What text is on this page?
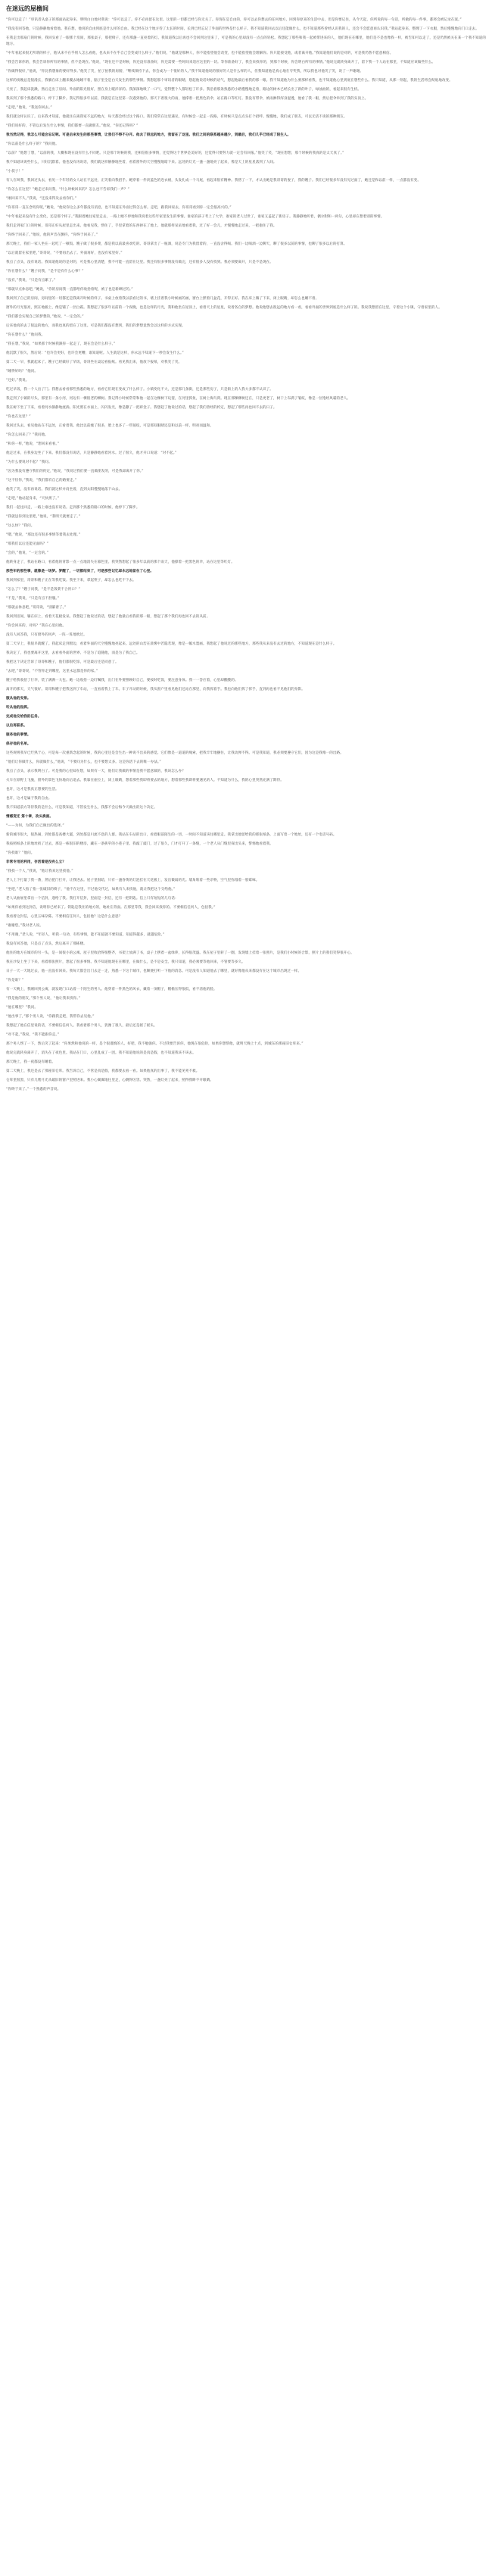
在迷远的屋檐间

“你可以走了！”审讯者从桌子的那面站起身来，明明白白地对我说：“你可以走了。你不必再留在这里。这里的一切都已经与你无关了。你现在是自由的，你可以去你想去的任何地方，回到你原来的生活中去，但是你要记住，从今天起，你所说的每一句话，所做的每一件事，都将会被记录在案。”

“我没有回答他，只是静静地看着他。我在想，他说的自由到底是什么样的自由。我已经在这个地方待了太长的时间，长到已经忘记了外面的世界是什么样子。我不知道我回去以后还能做什么，也不知道那些曾经认识我的人，还会不会愿意再认识我。”我站起身来，整理了一下衣服，然后慢慢地向门口走去。

在我走出那扇门的时候，我回头看了一眼那个房间，那张桌子，那把椅子，还有那盏一直亮着的灯。我知道我以后再也不会回到这里来了，可是我的心里却没有一点点的轻松。我想起了那些和我一起被带进来的人，他们现在在哪里，他们是不是也像我一样，被告知可以走了，还是仍然被关在某一个我不知道的地方。

“中年看起来很无所谓的样子，他从来不在乎别人怎么看他，也从来不在乎自己会变成什么样子。”他们说，“他就是那种人，你不能指望他会改变，也不能指望他会理解你。你只能接受他，或者离开他。”我知道他们说的是对的，可是我仍然不愿意相信。

“我会告诉你的，我会告诉你所有的事情，但不是现在。”他说，“现在还不是时候，你还没有准备好，你还需要一些时间来适应这里的一切。等你准备好了，我会来找你的，到那个时候，你会明白所有的事情。”他说完就转身离开了，留下我一个人站在那里，不知道应该做些什么。

“你做得很好，”他说，“你比我想象的要好得多。”他笑了笑，拍了拍我的肩膀，“继续保持下去，你会成为一个很好的人。”我不知道他说的很好的人是什么样的人，但我知道他是真心地在夸奖我，所以我也对他笑了笑，说了一声谢谢。

这样的夜晚总是很漫长，我躺在床上翻来覆去地睡不着，脑子里全是白天发生的那些事情。我想起那个审讯者的眼睛，想起他说话时候的语气，想起他最后看我的那一眼。我不知道他为什么要那样看我，也不知道他心里到底在想些什么。我只知道，从那一刻起，我的生活将会彻底地改变。

天亮了，我起床洗漱，然后走出了房间。外面的阳光很好，照在身上暖洋洋的。我深深地吸了一口气，觉得整个人都轻松了许多。我沿着那条熟悉的小路慢慢地走着，路边的树木已经长出了新的叶子，绿油油的，看起来很有生机。

我来到了那个熟悉的路口，停下了脚步。我记得很多年以前，我就是在这里第一次遇到他的。那天下着很大的雨，他撑着一把黑色的伞，站在路口等红灯。我没有带伞，被雨淋得浑身湿透，他看了我一眼，然后把伞举到了我的头顶上。

“走吧，”他说，“我送你回去。”

我们就这样认识了。后来我才知道，他就住在离我家不远的地方，每天都会经过这个路口。我们常常在这里遇见，有时候会一起走一段路，有时候只是点点头打个招呼。慢慢地，我们成了朋友，可以无话不谈的那种朋友。

“我们说好的，不管以后发生什么事情，我们都要一直做朋友。”他说，“你还记得吗？”

我当然记得，我怎么可能会忘记呢。可是后来发生的那些事情，让我们不得不分开。他去了很远的地方，我留在了这里。我们之间的联系越来越少，到最后，我们几乎已经成了陌生人。

“你以前是什么样子的？”我问他。

“以前？”他想了想，“以前的我，大概和现在没有什么不同吧。只是那个时候的我，还相信很多事情，还觉得这个世界是美好的，还觉得只要努力就一定会有回报。”他笑了笑，“现在想想，那个时候的我真的是太天真了。”

我不知道该说些什么，只好沉默着。他也没有再说话，我们就这样静静地坐着，看着窗外的天空慢慢地暗下来。远处的灯光一盏一盏地亮了起来，像是天上的星星落到了人间。

“小叔子！”

有人在叫我，我回过头去，看见一个年轻的女人站在不远处，正笑着向我招手。她穿着一件淡蓝色的连衣裙，头发扎成一个马尾，看起来很有精神。我愣了一下，才认出她是我哥哥的妻子，我的嫂子。我们已经很多年没有见过面了，她还是和以前一样，一点都没有变。

“你怎么在这里？”她走过来问我，“什么时候回来的？怎么也不告诉我们一声？”

“刚回来不久。”我说，“还没来得及去看你们。”

“你哥哥一直在念叨你呢，”她说，“他说你这么多年都没有消息，也不知道在外面过得怎么样。走吧，跟我回家去，你哥哥看到你一定会很高兴的。”

“中年看起来没有什么变化，还是那个样子。”我跟着她往家里走去，一路上她不停地和我说着这些年家里发生的事情。谁家的孩子考上了大学，谁家的老人过世了，谁家又盖起了新房子。我静静地听着，偶尔附和一两句，心里却在想着别的事情。

我们走到家门口的时候，哥哥正好从屋里走出来。他看见我，愣住了，手里拿着的东西掉在了地上。他就那样呆呆地看着我，过了好一会儿，才慢慢地走过来，一把抱住了我。

“你终于回来了。”他说，他的声音在颤抖，“你终于回来了。”

那天晚上，我们一家人坐在一起吃了一顿饭。嫂子做了很多菜，都是我以前最喜欢吃的。哥哥拿出了一瓶酒，说是专门为我留着的，一直没舍得喝。我们一边喝酒一边聊天，聊了很多以前的事情，也聊了很多以后的打算。

“以后就留在家里吧，”哥哥说，“不要再出去了。外面再好，也没有家里好。”

我点了点头，没有说话。我知道他说的是对的，可是我心里清楚，我不可能一直留在这里。我还有很多事情没有做完，还有很多人没有找到。我必须要离开，只是不是现在。

“你在想什么？”嫂子问我，“是不是有什么心事？”

“没有，”我说，“只是有点累了。”

“那就早点休息吧，”她说，“你的房间我一直都给你收拾着呢，被子也是新晒过的。”

我回到了自己的房间，房间里的一切都还是我离开时候的样子。书桌上放着我以前看过的书，墙上挂着我小时候画的画，窗台上摆着几盆花，开得正好。我在床上躺了下来，闭上眼睛，却怎么也睡不着。

窗外的月光很亮，照在地板上，像是铺了一层白霜。我想起了很多年以前的一个夜晚，也是这样的月光，我和他坐在屋顶上，看着天上的星星，说着各自的梦想。他说他想去很远的地方看一看，看看外面的世界到底是什么样子的。我说我想留在这里，守着这个小镇，守着家里的人。

“我们都会实现自己的梦想的，”他说，“一定会的。”

后来他真的去了很远的地方，而我也真的留在了这里。可是我们都没有想到，我们的梦想竟然会以这样的方式实现。

“你在想什么？”他问我。

“我在想，”我说，“如果那个时候我跟你一起走了，现在会是什么样子。”

他沉默了很久，然后说：“也许会更好，也许会更糟，谁知道呢。人生就是这样，你永远不知道下一秒会发生什么。”

第二天一早，我就起床了。嫂子已经做好了早饭，哥哥坐在桌边看报纸。看见我出来，他放下报纸，对我笑了笑。

“睡得好吗？”他问。

“还好。”我说。

吃过早饭，我一个人出了门。我想去看看那些熟悉的地方，看看它们现在变成了什么样子。小镇变化不大，还是那几条街，还是那些房子，只是街上的人我大多都不认识了。

我走到了小镇的尽头，那里有一条小河，河边有一棵很老的柳树。我记得小时候常常和他一起在这棵树下玩耍，在河里抓鱼，在树上掏鸟窝。现在那棵柳树还在，只是更老了，树干上布满了皱纹，像是一位饱经风霜的老人。

我在树下坐了下来，看着河水静静地流淌。阳光照在水面上，闪闪发光，像是撒了一把碎金子。我想起了他说过的话，想起了我们曾经的约定，想起了那些再也回不去的日子。

“你也在这里？”

我回过头去，看见他站在不远处，正看着我。他比以前瘦了很多，脸上也多了一些皱纹，可是那双眼睛还是和以前一样，明亮而温和。

“你怎么回来了？”我问他。

“和你一样，”他说，“想回来看看。”

他走过来，在我身边坐了下来。我们都没有说话，只是静静地看着河水。过了很久，他才开口说道：“对不起。”

“为什么要说对不起？”我问。

“因为我没有遵守我们的约定，”他说，“我说过我们要一直做朋友的，可是我却离开了你。”

“这不怪你，”我说，“我们都有自己的路要走。”

他笑了笑，没有再说话。我们就这样并肩坐着，直到太阳慢慢地落下山去。

“走吧，”他站起身来，“天快黑了。”

我们一起往回走，一路上谁也没有说话。走到那个熟悉的路口的时候，他停下了脚步。

“我就送你到这里吧，”他说，“我明天就要走了。”

“这么快？”我问。

“嗯，”他说，“那边还有很多事情等着我去处理。”

“那我们以后还能见面吗？”

“会的，”他说，“一定会的。”

他转身走了，我站在路口，看着他的背影一点一点地消失在暮色里。我突然想起了很多年以前的那个雨天，他撑着一把黑色的伞，站在这里等红灯。

那些年的那些事，就像是一场梦。梦醒了，一切都结束了，可是那些记忆却永远地留在了心里。

我回到家里，哥哥和嫂子正在等我吃饭。我坐下来，拿起筷子，却怎么也吃不下去。

“怎么了？”嫂子问我，“是不是饭菜不合胃口？”

“不是，”我说，“只是有点不舒服。”

“那就去休息吧，”哥哥说，“别累着了。”

我回到房间，躺在床上，看着天花板发呆。我想起了他说过的话，想起了他最后看我的那一眼，想起了那个我们再也回不去的从前。

“你会回来的，对吗？”我在心里问他。

没有人回答我，只有窗外的风声，一阵一阵地吹过。

第二天早上，我很早就醒了。我起床走到窗边，看着外面的天空慢慢地亮起来。远处的山峦在晨雾中若隐若现，像是一幅水墨画。我想起了他说过的那些地方，那些我从来没有去过的地方，不知道现在是什么样子。

我决定了，我也要离开这里，去看看外面的世界。不是为了追随他，而是为了我自己。

我把这个决定告诉了哥哥和嫂子，他们都很吃惊，可是最后还是同意了。

“去吧，”哥哥说，“不管你走到哪里，这里永远都是你的家。”

嫂子给我收拾了行李，装了满满一大包。她一边收拾一边叮嘱我，出门在外要照顾好自己，要按时吃饭，要注意身体。我一一答应着，心里却酸酸的。

离开的那天，天气很好。哥哥和嫂子把我送到了车站，一直看着我上了车。车子开动的时候，我从窗户里看见他们还站在那里，向我挥着手。我也向他们挥了挥手，直到再也看不见他们的身影。

服从他的安排。

听从他的指挥。

完成他交给我的任务。

以后再联系。

服务他的事情。

保存他的名单。

这些规则我早已烂熟于心，可是每一次重新念起的时候，我的心里还是会生出一种说不出来的感觉。它们像是一道道的绳索，把我牢牢地捆住，让我动弹不得。可是我知道，我必须要遵守它们，因为这是我唯一的出路。

“他们让你做什么，你就做什么，”他说，“不要问为什么，也不要想太多。这是你活下去的唯一办法。”

我点了点头，表示我明白了。可是我的心里却在想，如果有一天，他们让我做的事情是我不愿意做的，我该怎么办？

火车在原野上飞驰，窗外的景色飞快地向后退去。我靠在座位上，闭上眼睛，想着那些我即将要去的地方，想着那些我即将要遇见的人。不知道为什么，我的心里突然充满了期待。

也许，这才是我真正想要的生活。

也许，这才是属于我的自由。

我不知道前方等待我的是什么，可是我知道，不管发生什么，我都不会后悔今天做出的这个决定。

情感变迁 第十章，改头换面。

“——为何，为我们自己做出的选择。”

新的城市很大，很热闹，到处都是高楼大厦，到处都是川流不息的人群。我站在车站的出口，看着眼前陌生的一切，一时间不知道该往哪里走。我拿出他留给我的那张纸条，上面写着一个地址，还有一个电话号码。

我按照纸条上的地址找了过去，那是一栋很旧的楼房，藏在一条狭窄的小巷子里。我敲了敲门，过了很久，门才打开了一条缝，一个老人从门缝里探出头来，警惕地看着我。

“你找谁？”他问。

非常专用的利用，存活着是没有么立？

“我找一个人，”我说，“他让我来这里找他。”

老人上下打量了我一番，然后把门打开，让我进去。屋子里很暗，只有一盏昏黄的灯泡挂在天花板上，发出微弱的光。墙角堆着一些杂物，空气里弥漫着一股霉味。

“坐吧，”老人指了指一张破旧的椅子，“他不在这里，不过他交代过，如果有人来找他，就让我把这个交给他。”

老人从抽屉里拿出一个信封，递给了我。我打开信封，里面是一封信，还有一把钥匙。信上只有短短的几句话：

“如果你看到这封信，说明你已经来了。钥匙是我住的地方的，地址在背面。在那里等我，我会回来找你的。不要相信任何人，包括我。”

我看着这封信，心里五味杂陈。不要相信任何人，包括他？这是什么意思？

“谢谢您。”我对老人说。

“不用谢，”老人说，“年轻人，听我一句劝，有些事情，能不知道就不要知道。知道得越多，就越危险。”

我没有回答他，只是点了点头，然后离开了那栋楼。

他住的地方在城市的另一头，是一间很小的公寓。屋子里收拾得很整齐，书架上放满了书，桌子上摆着一盆绿萝，长得很茂盛。我在屋子里转了一圈，发现墙上挂着一张照片，是我们小时候的合影，照片上的我们笑得很开心。

我在沙发上坐了下来，看着那张照片，想起了很多事情。我不知道他现在在哪里，在做什么，是不是安全。我只知道，我必须要等他回来，不管要等多久。

日子一天一天地过去，他一直没有回来。我每天都会出门去走一走，熟悉一下这个城市，也顺便打听一下他的消息。可是没有人知道他去了哪里，就好像他从来都没有在这个城市出现过一样。

“你是谁？”

有一天晚上，我刚回到公寓，就发现门口站着一个陌生的男人。他穿着一件黑色的风衣，戴着一顶帽子，帽檐压得很低，看不清他的脸。

“我是他的朋友，”那个男人说，“他让我来找你。”

“他在哪里？”我问。

“他出事了，”那个男人说，“你跟我走吧，我带你去见他。”

我想起了他在信里说的话，不要相信任何人。我看着那个男人，犹豫了很久，最后还是摇了摇头。

“对不起，”我说，“我不能跟你走。”

那个男人愣了一下，然后笑了起来：“你果然和他说的一样，是个很谨慎的人。好吧，我不勉强你。不过我要告诉你，他现在很危险，如果你想帮他，就明天晚上十点，到城东的那座旧仓库来。”

他说完就转身离开了，消失在了夜色里。我站在门口，心里乱成了一团。我不知道他说的是真是假，也不知道我该不该去。

那天晚上，我一夜都没有睡着。

第二天晚上，我还是去了那座旧仓库。我告诉自己，不管是真是假，我都要去看一看。如果他真的出事了，我不能见死不救。

仓库里很黑，只有几缕月光从破旧的窗户里照进来。我小心翼翼地往里走，心跳得厉害。突然，一盏灯亮了起来，照得我睁不开眼睛。

“你终于来了。”一个熟悉的声音说。
